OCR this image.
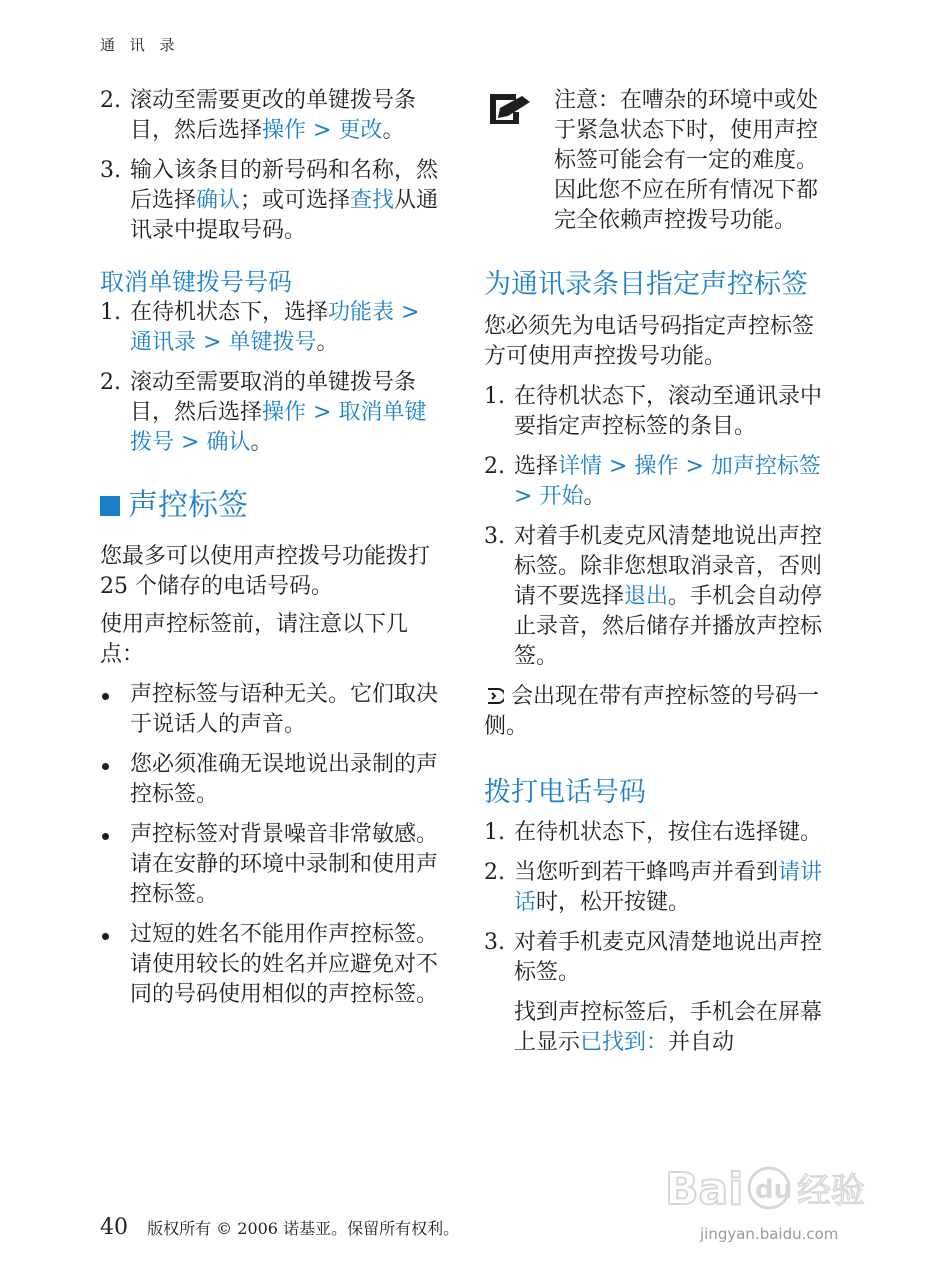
通 讯 录
2. 滚动至需要更改的单键拨号条目，然后选择操作 > 更改。
3. 输入该条目的新号码和名称，然后选择确认；或可选择查找从通讯录中提取号码。
取消单键拨号号码
1. 在待机状态下，选择功能表 > 通讯录 > 单键拨号。
2. 滚动至需要取消的单键拨号条目，然后选择操作 > 取消单键拨号 > 确认。
声控标签

您最多可以使用声控拨号功能拨打 25 个储存的电话号码。

使用声控标签前，请注意以下几点：

声控标签与语种无关。它们取决于说话人的声音。
您必须准确无误地说出录制的声控标签。
声控标签对背景噪音非常敏感。请在安静的环境中录制和使用声控标签。
过短的姓名不能用作声控标签。请使用较长的姓名并应避免对不同的号码使用相似的声控标签。
注意：在嘈杂的环境中或处于紧急状态下时，使用声控标签可能会有一定的难度。因此您不应在所有情况下都完全依赖声控拨号功能。
为通讯录条目指定声控标签

您必须先为电话号码指定声控标签方可使用声控拨号功能。

1. 在待机状态下，滚动至通讯录中要指定声控标签的条目。
2. 选择详情 > 操作 > 加声控标签 > 开始。
3. 对着手机麦克风清楚地说出声控标签。除非您想取消录音，否则请不要选择退出。手机会自动停止录音，然后储存并播放声控标签。

会出现在带有声控标签的号码一侧。

拨打电话号码
1. 在待机状态下，按住右选择键。
2. 当您听到若干蜂鸣声并看到请讲话时，松开按键。
3. 对着手机麦克风清楚地说出声控标签。

找到声控标签后，手机会在屏幕上显示已找到：并自动

Bai du 经验
jingyan.baidu.com
40 版权所有 © 2006 诺基亚。保留所有权利。
